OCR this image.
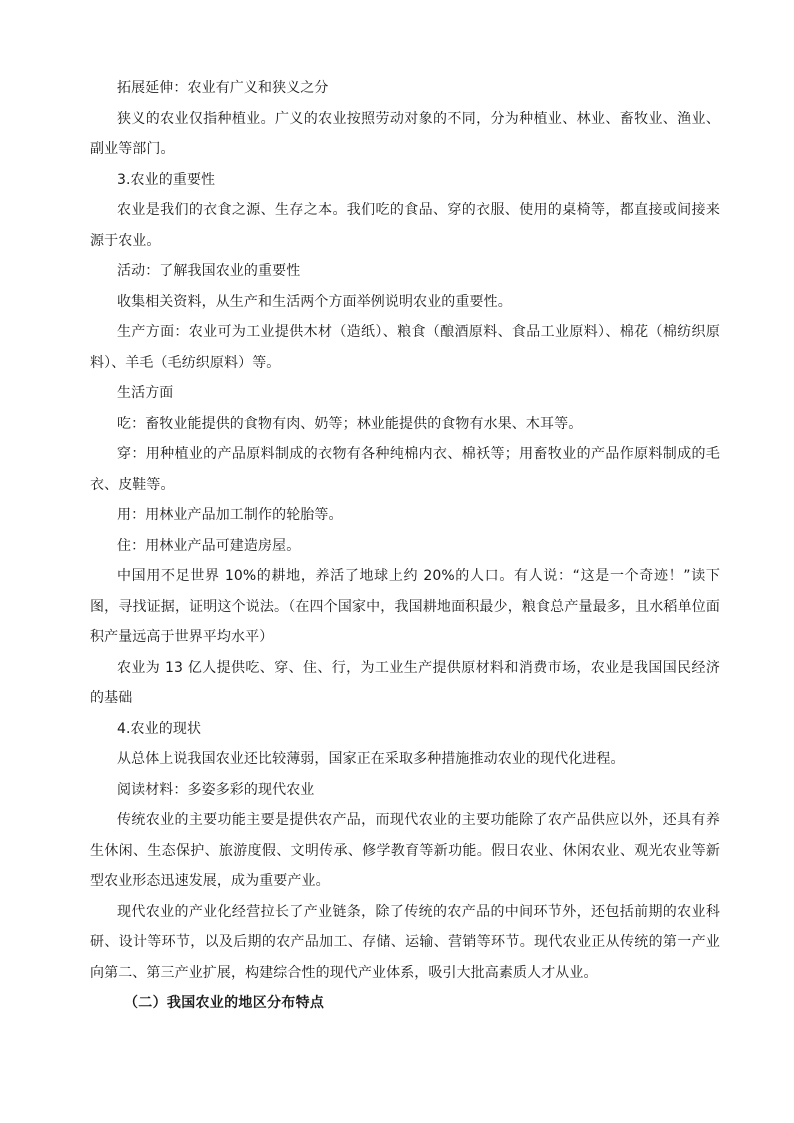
拓展延伸：农业有广义和狭义之分

狭义的农业仅指种植业。广义的农业按照劳动对象的不同，分为种植业、林业、畜牧业、渔业、副业等部门。

3.农业的重要性

农业是我们的衣食之源、生存之本。我们吃的食品、穿的衣服、使用的桌椅等，都直接或间接来源于农业。

活动：了解我国农业的重要性

收集相关资料，从生产和生活两个方面举例说明农业的重要性。

生产方面：农业可为工业提供木材（造纸）、粮食（酿酒原料、食品工业原料）、棉花（棉纺织原料）、羊毛（毛纺织原料）等。

生活方面

吃：畜牧业能提供的食物有肉、奶等；林业能提供的食物有水果、木耳等。

穿：用种植业的产品原料制成的衣物有各种纯棉内衣、棉袄等；用畜牧业的产品作原料制成的毛衣、皮鞋等。

用：用林业产品加工制作的轮胎等。

住：用林业产品可建造房屋。

中国用不足世界 10%的耕地，养活了地球上约 20%的人口。有人说：“这是一个奇迹！”读下图，寻找证据，证明这个说法。（在四个国家中，我国耕地面积最少，粮食总产量最多，且水稻单位面积产量远高于世界平均水平）

农业为 13 亿人提供吃、穿、住、行，为工业生产提供原材料和消费市场，农业是我国国民经济的基础

4.农业的现状

从总体上说我国农业还比较薄弱，国家正在采取多种措施推动农业的现代化进程。

阅读材料：多姿多彩的现代农业

传统农业的主要功能主要是提供农产品，而现代农业的主要功能除了农产品供应以外，还具有养生休闲、生态保护、旅游度假、文明传承、修学教育等新功能。假日农业、休闲农业、观光农业等新型农业形态迅速发展，成为重要产业。

现代农业的产业化经营拉长了产业链条，除了传统的农产品的中间环节外，还包括前期的农业科研、设计等环节，以及后期的农产品加工、存储、运输、营销等环节。现代农业正从传统的第一产业向第二、第三产业扩展，构建综合性的现代产业体系，吸引大批高素质人才从业。

（二）我国农业的地区分布特点
